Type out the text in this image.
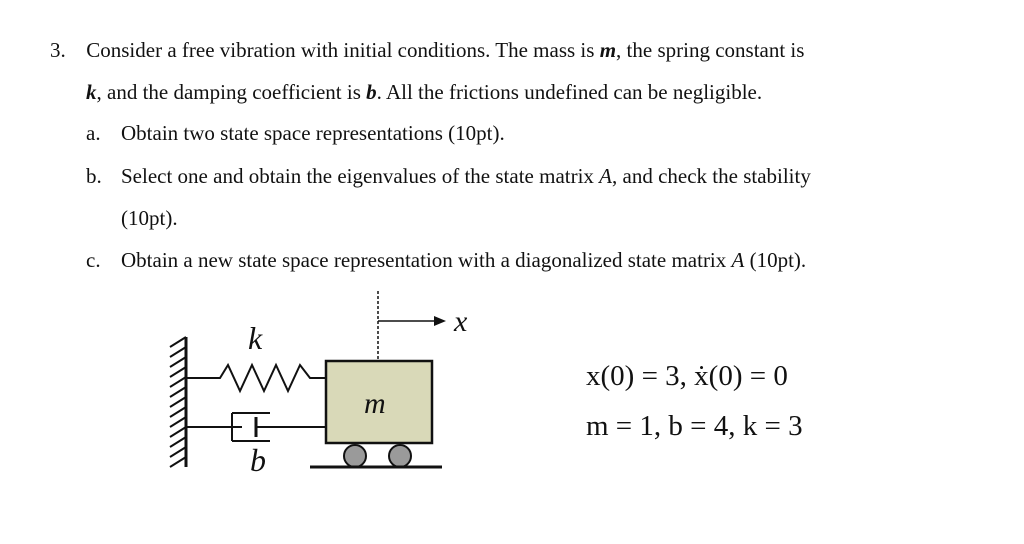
3. Consider a free vibration with initial conditions. The mass is m, the spring constant is
k, and the damping coefficient is b. All the frictions undefined can be negligible.
a. Obtain two state space representations (10pt).
b. Select one and obtain the eigenvalues of the state matrix A, and check the stability
(10pt).
c. Obtain a new state space representation with a diagonalized state matrix A (10pt).
k
b
m
x
x(0) = 3, ẋ(0) = 0
m = 1, b = 4, k = 3
